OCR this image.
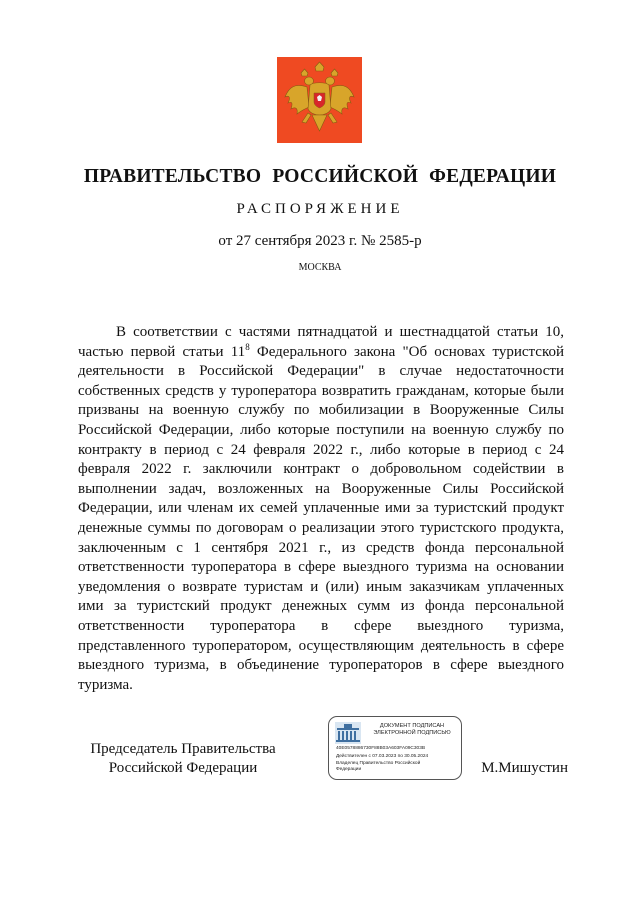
ПРАВИТЕЛЬСТВО РОССИЙСКОЙ ФЕДЕРАЦИИ
РАСПОРЯЖЕНИЕ
от 27 сентября 2023 г. № 2585-р
МОСКВА

В соответствии с частями пятнадцатой и шестнадцатой статьи 10, частью первой статьи $11^8$ Федерального закона "Об основах туристской деятельности в Российской Федерации" в случае недостаточности собственных средств у туроператора возвратить гражданам, которые были призваны на военную службу по мобилизации в Вооруженные Силы Российской Федерации, либо которые поступили на военную службу по контракту в период с 24 февраля 2022 г., либо которые в период с 24 февраля 2022 г. заключили контракт о добровольном содействии в выполнении задач, возложенных на Вооруженные Силы Российской Федерации, или членам их семей уплаченные ими за туристский продукт денежные суммы по договорам о реализации этого туристского продукта, заключенным с 1 сентября 2021 г., из средств фонда персональной ответственности туроператора в сфере выездного туризма на основании уведомления о возврате туристам и (или) иным заказчикам уплаченных ими за туристский продукт денежных сумм из фонда персональной ответственности туроператора в сфере выездного туризма, представленного туроператором, осуществляющим деятельность в сфере выездного туризма, в объединение туроператоров в сфере выездного туризма.

Председатель Правительства
Российской Федерации
ДОКУМЕНТ ПОДПИСАН
ЭЛЕКТРОННОЙ ПОДПИСЬЮ
40E0578886730F88B03A603FA09C303B
Действителен с 07.03.2023 по 30.05.2024
Владелец Правительство Российской
Федерации	М.Мишустин
